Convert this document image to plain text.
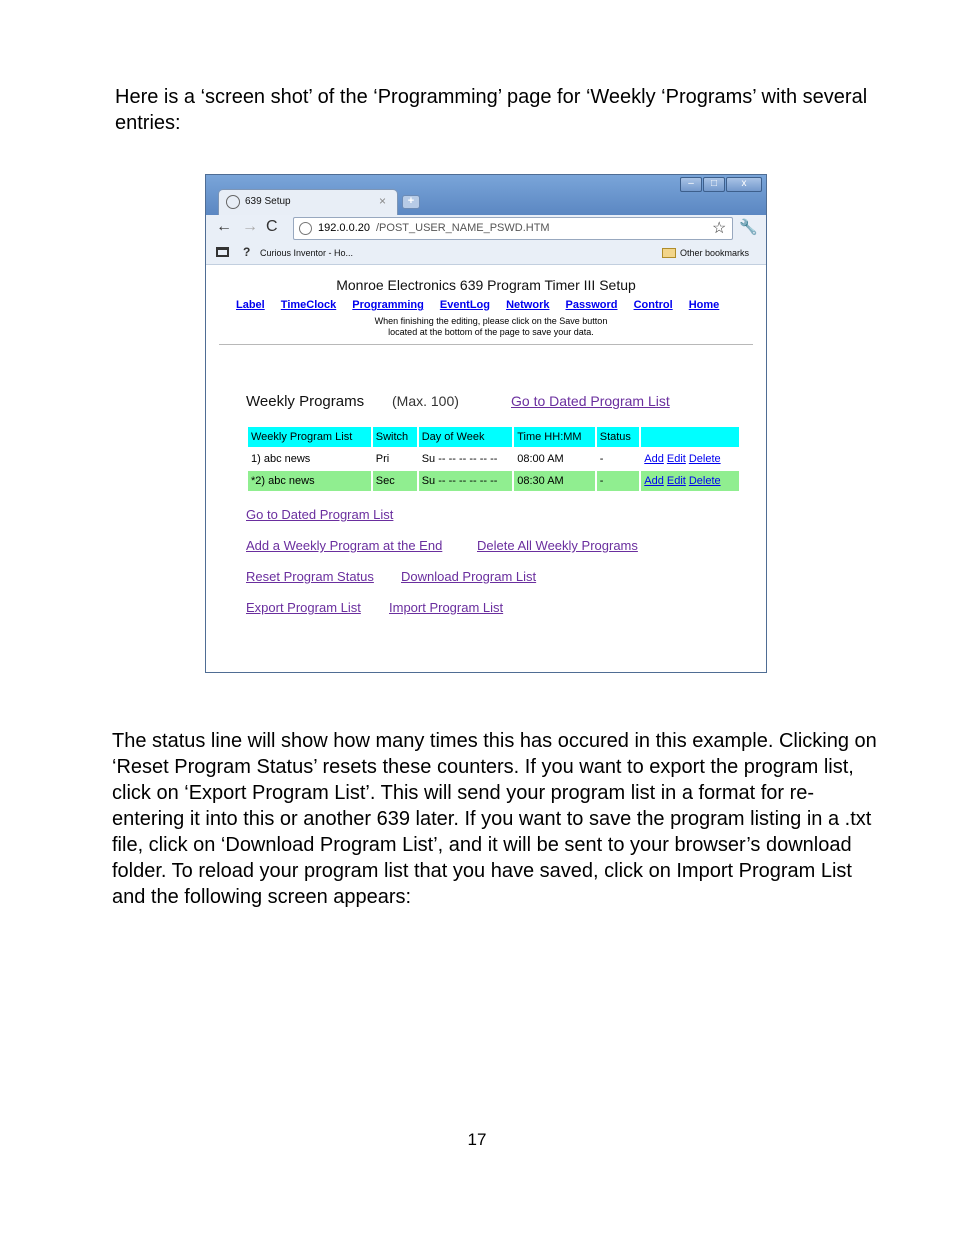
Here is a ‘screen shot’ of the ‘Programming’ page for ‘Weekly ‘Programs’ with several entries:

639 Setup	×	+
–	□	x
← → C	192.0.0.20 /POST_USER_NAME_PSWD.HTM	☆ 🔧
? Curious Inventor - Ho...	Other bookmarks
Monroe Electronics 639 Program Timer III Setup
Label TimeClock Programming EventLog Network Password Control Home
When finishing the editing, please click on the Save button
located at the bottom of the page to save your data.
Weekly Programs (Max. 100)	Go to Dated Program List
Weekly Program List	Switch	Day of Week	Time HH:MM	Status	
1) abc news	Pri	Su -- -- -- -- -- --	08:00 AM	-	Add Edit Delete
*2) abc news	Sec	Su -- -- -- -- -- --	08:30 AM	-	Add Edit Delete
Go to Dated Program List
Add a Weekly Program at the End	Delete All Weekly Programs
Reset Program Status Download Program List
Export Program List Import Program List

The status line will show how many times this has occured in this example. Clicking on ‘Reset Program Status’ resets these counters. If you want to export the program list, click on ‘Export Program List’. This will send your program list in a format for re-entering it into this or another 639 later. If you want to save the program listing in a .txt file, click on ‘Download Program List’, and it will be sent to your browser’s download folder. To reload your program list that you have saved, click on Import Program List and the following screen appears:

17
